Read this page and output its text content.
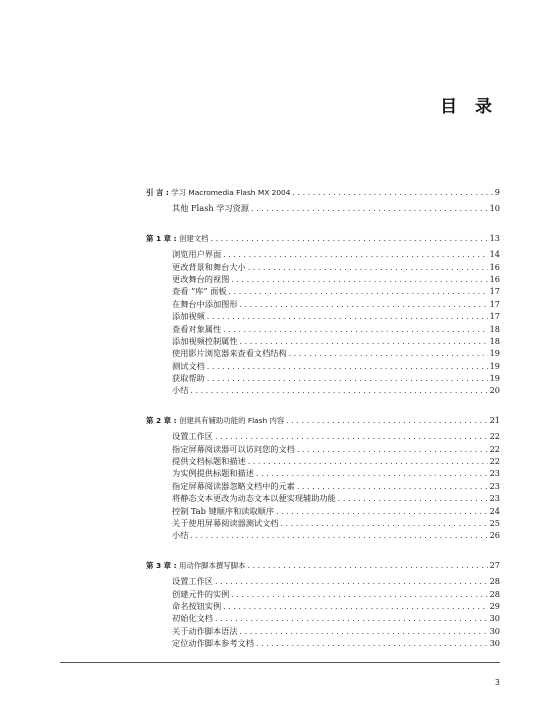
目 录
引 言 : 学习 Macromedia Flash MX 2004 . . .	9
其他 Flash 学习资源 . . .	10
第 1 章 : 创建文档 . . .	13
浏览用户界面 . . .	14
更改背景和舞台大小 . . .	16
更改舞台的视图 . . .	16
查看 “库” 面板 . . .	17
在舞台中添加图形 . . .	17
添加视频 . . .	17
查看对象属性 . . .	18
添加视频控制属性 . . .	18
使用影片浏览器来查看文档结构 . . .	19
测试文档 . . .	19
获取帮助 . . .	19
小结 . . .	20
第 2 章 : 创建具有辅助功能的 Flash 内容 . . .	21
设置工作区 . . .	22
指定屏幕阅读器可以访问您的文档 . . .	22
提供文档标题和描述 . . .	22
为实例提供标题和描述 . . .	23
指定屏幕阅读器忽略文档中的元素 . . .	23
将静态文本更改为动态文本以便实现辅助功能 . . .	23
控制 Tab 键顺序和读取顺序 . . .	24
关于使用屏幕阅读器测试文档 . . .	25
小结 . . .	26
第 3 章 : 用动作脚本撰写脚本 . . .	27
设置工作区 . . .	28
创建元件的实例 . . .	28
命名按钮实例 . . .	29
初始化文档 . . .	30
关于动作脚本语法 . . .	30
定位动作脚本参考文档 . . .	30
3
